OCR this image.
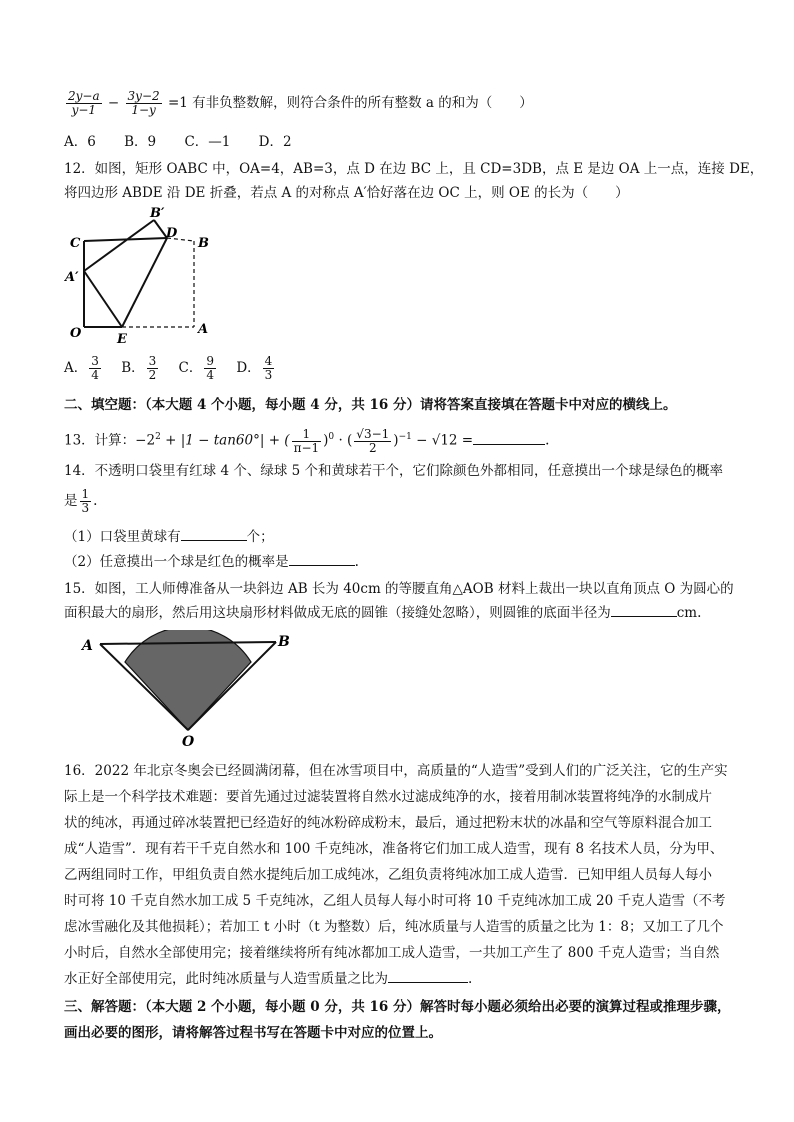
$\frac{2y-a}{y-1} - \frac{3y-2}{1-y} =1$ 有非负整数解，则符合条件的所有整数 a 的和为（　　）
A．6 B．9 C．—1 D．2
12．如图，矩形 OABC 中，OA=4，AB=3，点 D 在边 BC 上，且 CD=3DB，点 E 是边 OA 上一点，连接 DE，
将四边形 ABDE 沿 DE 折叠，若点 A 的对称点 A′恰好落在边 OC 上，则 OE 的长为（　　）
C	B
B′
D
A′
O	E
A
A． $\frac{3}{4}$ B． $\frac{3}{2}$ C． $\frac{9}{4}$ D． $\frac{4}{3}$
二、填空题：（本大题 4 个小题，每小题 4 分，共 16 分）请将答案直接填在答题卡中对应的横线上。
13．计算：$-2^2 + |1 - \tan 60^\circ|$ + ( $\frac{1}{\pi-1} )^0$ · ( $\frac{√3-1}{2} )^{-1} - √12$ =	.
14．不透明口袋里有红球 4 个、绿球 5 个和黄球若干个，它们除颜色外都相同，任意摸出一个球是绿色的概率
是 $\frac{1}{3}$ .
（1）口袋里黄球有	个；
（2）任意摸出一个球是红色的概率是	.
15．如图，工人师傅准备从一块斜边 AB 长为 40cm 的等腰直角△AOB 材料上裁出一块以直角顶点 O 为圆心的
面积最大的扇形，然后用这块扇形材料做成无底的圆锥（接缝处忽略），则圆锥的底面半径为	cm.
A	B
O
16．2022 年北京冬奥会已经圆满闭幕，但在冰雪项目中，高质量的“人造雪”受到人们的广泛关注，它的生产实
际上是一个科学技术难题：要首先通过过滤装置将自然水过滤成纯净的水，接着用制冰装置将纯净的水制成片
状的纯冰，再通过碎冰装置把已经造好的纯冰粉碎成粉末，最后，通过把粉末状的冰晶和空气等原料混合加工
成“人造雪”．现有若干千克自然水和 100 千克纯冰，准备将它们加工成人造雪，现有 8 名技术人员，分为甲、
乙两组同时工作，甲组负责自然水提纯后加工成纯冰，乙组负责将纯冰加工成人造雪．已知甲组人员每人每小
时可将 10 千克自然水加工成 5 千克纯冰，乙组人员每人每小时可将 10 千克纯冰加工成 20 千克人造雪（不考
虑冰雪融化及其他损耗）；若加工 t 小时（t 为整数）后，纯冰质量与人造雪的质量之比为 1：8；又加工了几个
小时后，自然水全部使用完；接着继续将所有纯冰都加工成人造雪，一共加工产生了 800 千克人造雪；当自然
水正好全部使用完，此时纯冰质量与人造雪质量之比为	.
三、解答题：（本大题 2 个小题，每小题 0 分，共 16 分）解答时每小题必须给出必要的演算过程或推理步骤，
画出必要的图形，请将解答过程书写在答题卡中对应的位置上。
